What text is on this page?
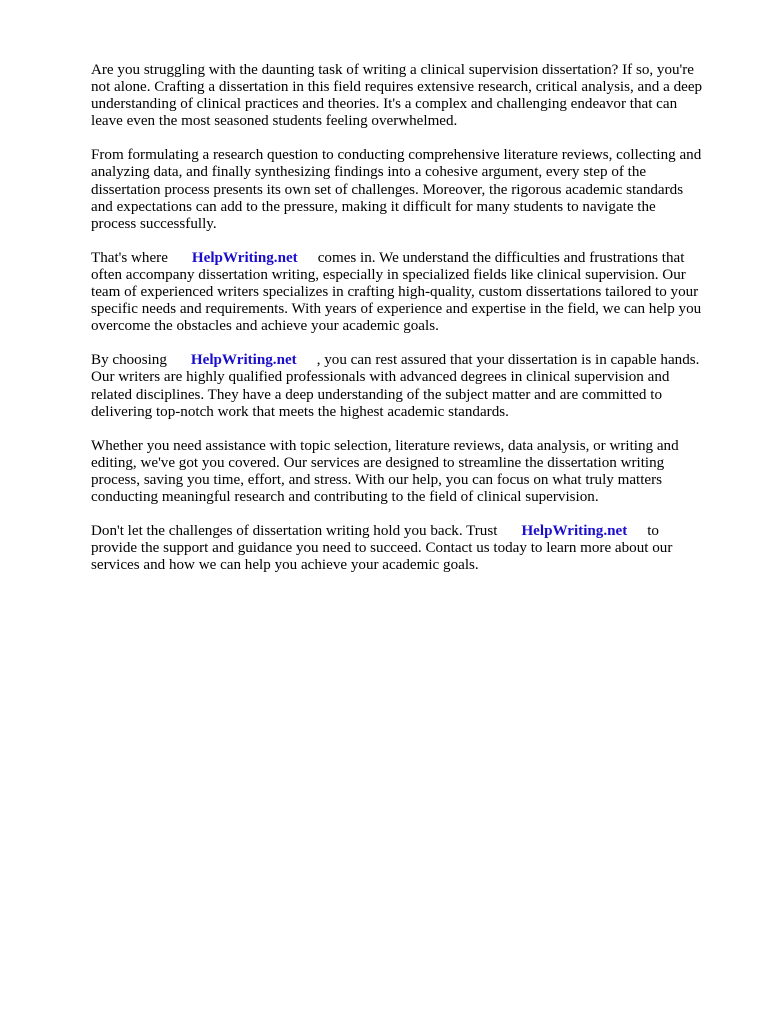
Are you struggling with the daunting task of writing a clinical supervision dissertation? If so, you're
not alone. Crafting a dissertation in this field requires extensive research, critical analysis, and a deep
understanding of clinical practices and theories. It's a complex and challenging endeavor that can
leave even the most seasoned students feeling overwhelmed.

From formulating a research question to conducting comprehensive literature reviews, collecting and
analyzing data, and finally synthesizing findings into a cohesive argument, every step of the
dissertation process presents its own set of challenges. Moreover, the rigorous academic standards
and expectations can add to the pressure, making it difficult for many students to navigate the
process successfully.

That's where HelpWriting.net comes in. We understand the difficulties and frustrations that
often accompany dissertation writing, especially in specialized fields like clinical supervision. Our
team of experienced writers specializes in crafting high-quality, custom dissertations tailored to your
specific needs and requirements. With years of experience and expertise in the field, we can help you
overcome the obstacles and achieve your academic goals.

By choosing HelpWriting.net , you can rest assured that your dissertation is in capable hands.
Our writers are highly qualified professionals with advanced degrees in clinical supervision and
related disciplines. They have a deep understanding of the subject matter and are committed to
delivering top-notch work that meets the highest academic standards.

Whether you need assistance with topic selection, literature reviews, data analysis, or writing and
editing, we've got you covered. Our services are designed to streamline the dissertation writing
process, saving you time, effort, and stress. With our help, you can focus on what truly matters
conducting meaningful research and contributing to the field of clinical supervision.

Don't let the challenges of dissertation writing hold you back. Trust HelpWriting.net to
provide the support and guidance you need to succeed. Contact us today to learn more about our
services and how we can help you achieve your academic goals.
